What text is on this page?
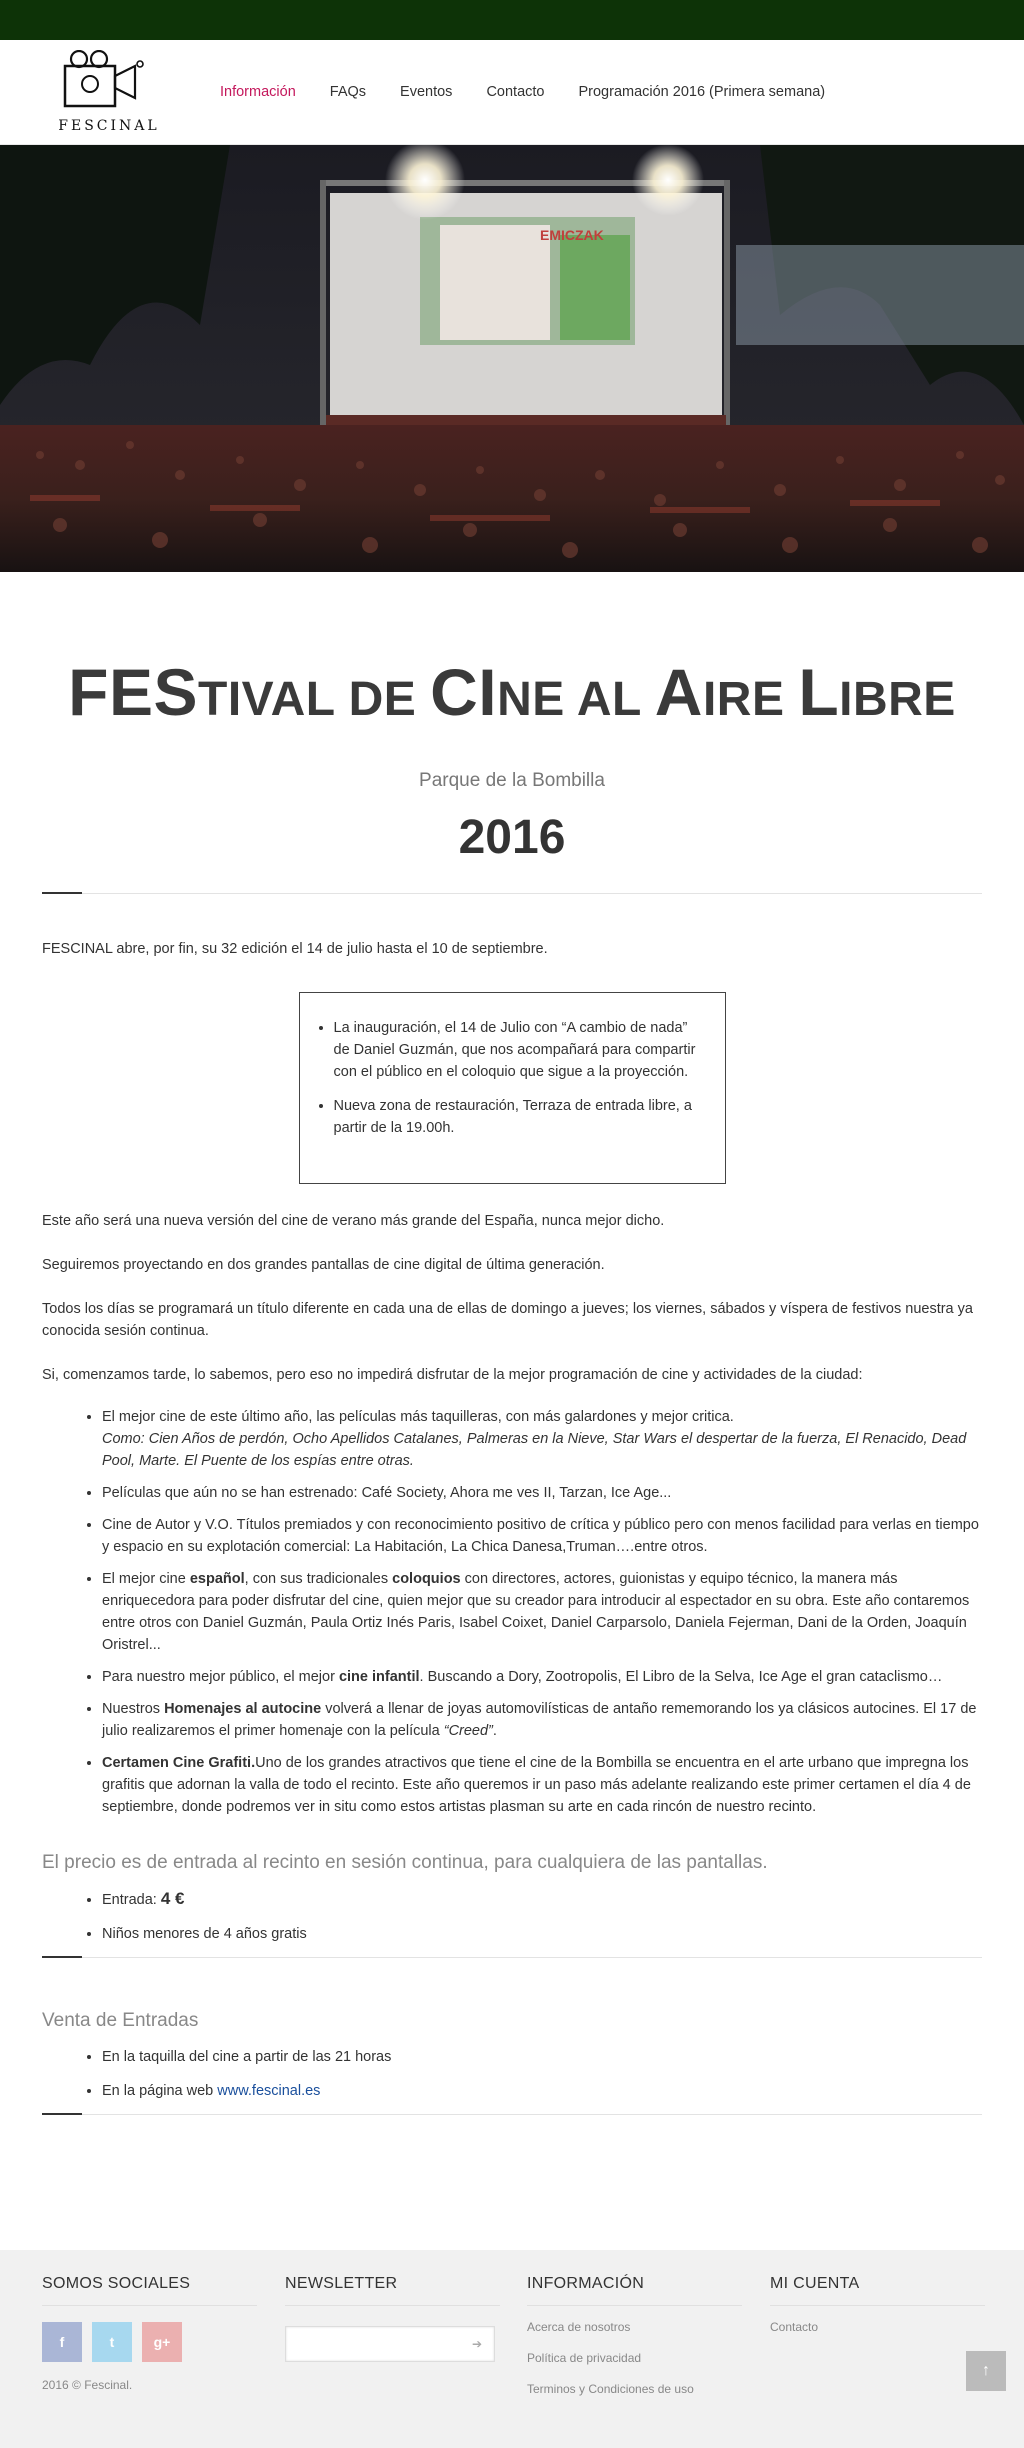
FESCINAL
Información FAQs Eventos Contacto Programación 2016 (Primera semana)
EMICZAK
FESTIVAL DE CINE AL AIRE LIBRE
Parque de la Bombilla
2016

FESCINAL abre, por fin, su 32 edición el 14 de julio hasta el 10 de septiembre.

• La inauguración, el 14 de Julio con “A cambio de nada” de Daniel Guzmán, que nos acompañará para compartir con el público en el coloquio que sigue a la proyección.
• Nueva zona de restauración, Terraza de entrada libre, a partir de la 19.00h.

Este año será una nueva versión del cine de verano más grande del España, nunca mejor dicho.

Seguiremos proyectando en dos grandes pantallas de cine digital de última generación.

Todos los días se programará un título diferente en cada una de ellas de domingo a jueves; los viernes, sábados y víspera de festivos nuestra ya conocida sesión continua.

Si, comenzamos tarde, lo sabemos, pero eso no impedirá disfrutar de la mejor programación de cine y actividades de la ciudad:

• El mejor cine de este último año, las películas más taquilleras, con más galardones y mejor critica.
Como: Cien Años de perdón, Ocho Apellidos Catalanes, Palmeras en la Nieve, Star Wars el despertar de la fuerza, El Renacido, Dead Pool, Marte. El Puente de los espías entre otras.
• Películas que aún no se han estrenado: Café Society, Ahora me ves II, Tarzan, Ice Age...
• Cine de Autor y V.O. Títulos premiados y con reconocimiento positivo de crítica y público pero con menos facilidad para verlas en tiempo y espacio en su explotación comercial: La Habitación, La Chica Danesa,Truman….entre otros.
• El mejor cine español, con sus tradicionales coloquios con directores, actores, guionistas y equipo técnico, la manera más enriquecedora para poder disfrutar del cine, quien mejor que su creador para introducir al espectador en su obra. Este año contaremos entre otros con Daniel Guzmán, Paula Ortiz Inés Paris, Isabel Coixet, Daniel Carparsolo, Daniela Fejerman, Dani de la Orden, Joaquín Oristrel...
• Para nuestro mejor público, el mejor cine infantil. Buscando a Dory, Zootropolis, El Libro de la Selva, Ice Age el gran cataclismo…
• Nuestros Homenajes al autocine volverá a llenar de joyas automovilísticas de antaño rememorando los ya clásicos autocines. El 17 de julio realizaremos el primer homenaje con la película “Creed”.
• Certamen Cine Grafiti.Uno de los grandes atractivos que tiene el cine de la Bombilla se encuentra en el arte urbano que impregna los grafitis que adornan la valla de todo el recinto. Este año queremos ir un paso más adelante realizando este primer certamen el día 4 de septiembre, donde podremos ver in situ como estos artistas plasman su arte en cada rincón de nuestro recinto.
El precio es de entrada al recinto en sesión continua, para cualquiera de las pantallas.
• Entrada: 4 €
• Niños menores de 4 años gratis
Venta de Entradas
• En la taquilla del cine a partir de las 21 horas
• En la página web www.fescinal.es
SOMOS SOCIALES
f	t	g+
2016 © Fescinal.
NEWSLETTER
➔
INFORMACIÓN
Acerca de nosotros
Política de privacidad
Terminos y Condiciones de uso
MI CUENTA
Contacto
↑
